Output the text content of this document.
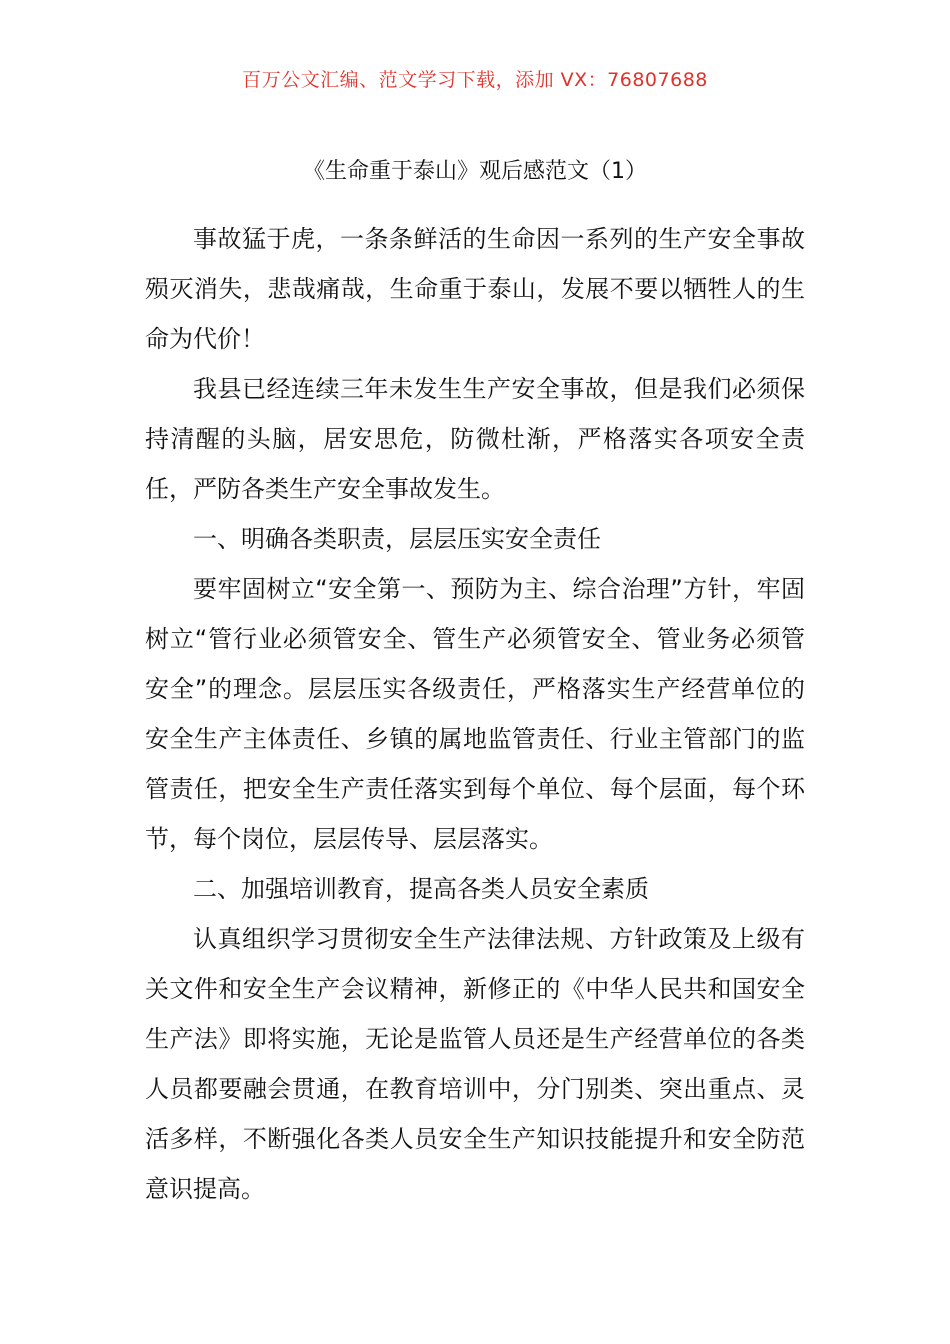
百万公文汇编、范文学习下载，添加 VX：76807688
《生命重于泰山》观后感范文（1）

事故猛于虎，一条条鲜活的生命因一系列的生产安全事故殒灭消失，悲哉痛哉，生命重于泰山，发展不要以牺牲人的生命为代价！

我县已经连续三年未发生生产安全事故，但是我们必须保持清醒的头脑，居安思危，防微杜渐，严格落实各项安全责任，严防各类生产安全事故发生。

一、明确各类职责，层层压实安全责任

要牢固树立“安全第一、预防为主、综合治理”方针，牢固树立“管行业必须管安全、管生产必须管安全、管业务必须管安全”的理念。层层压实各级责任，严格落实生产经营单位的安全生产主体责任、乡镇的属地监管责任、行业主管部门的监管责任，把安全生产责任落实到每个单位、每个层面，每个环节，每个岗位，层层传导、层层落实。

二、加强培训教育，提高各类人员安全素质

认真组织学习贯彻安全生产法律法规、方针政策及上级有关文件和安全生产会议精神，新修正的《中华人民共和国安全生产法》即将实施，无论是监管人员还是生产经营单位的各类人员都要融会贯通，在教育培训中，分门别类、突出重点、灵活多样，不断强化各类人员安全生产知识技能提升和安全防范意识提高。
